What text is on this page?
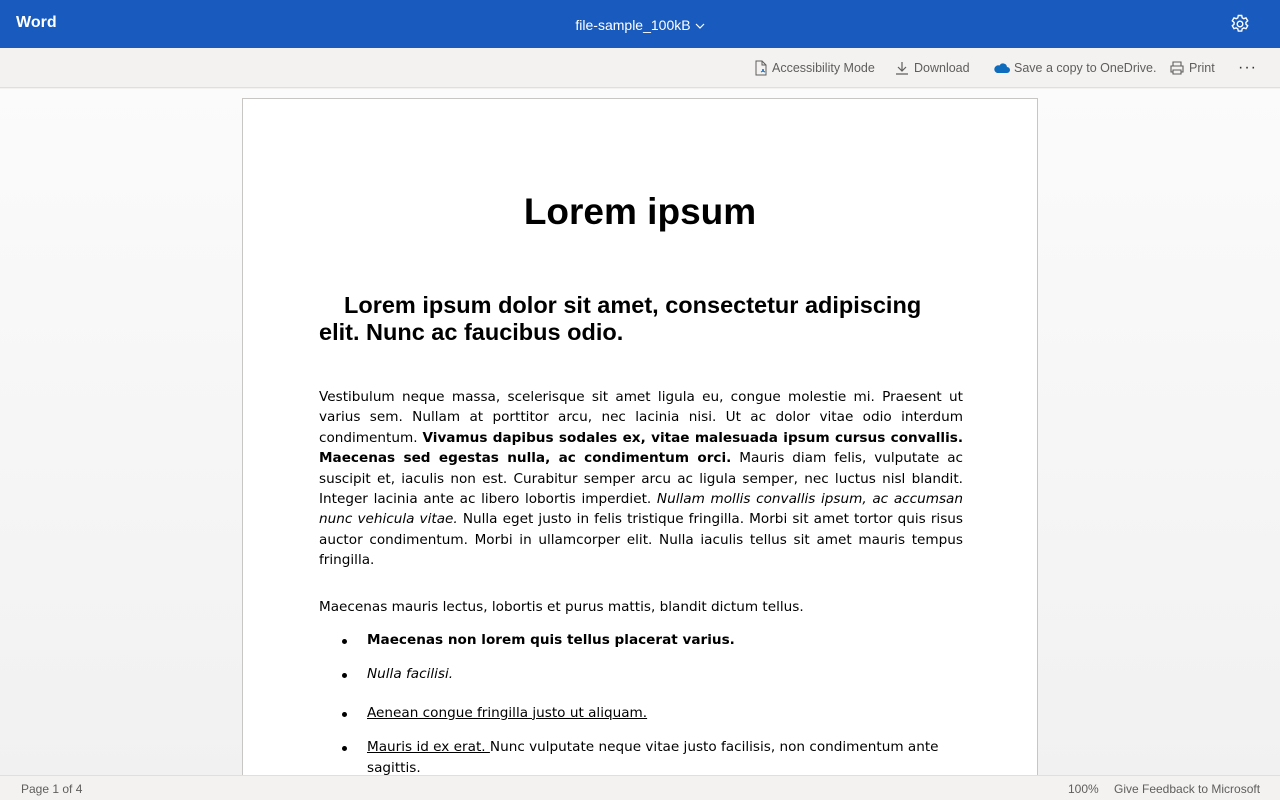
Word	file-sample_100kB
Accessibility Mode	Download	Save a copy to OneDrive.	Print ···
Lorem ipsum
Lorem ipsum dolor sit amet, consectetur adipiscing elit. Nunc ac faucibus odio.

Vestibulum neque massa, scelerisque sit amet ligula eu, congue molestie mi. Praesent ut varius sem. Nullam at porttitor arcu, nec lacinia nisi. Ut ac dolor vitae odio interdum condimentum. Vivamus dapibus sodales ex, vitae malesuada ipsum cursus convallis. Maecenas sed egestas nulla, ac condimentum orci. Mauris diam felis, vulputate ac suscipit et, iaculis non est. Curabitur semper arcu ac ligula semper, nec luctus nisl blandit. Integer lacinia ante ac libero lobortis imperdiet. Nullam mollis convallis ipsum, ac accumsan nunc vehicula vitae. Nulla eget justo in felis tristique fringilla. Morbi sit amet tortor quis risus auctor condimentum. Morbi in ullamcorper elit. Nulla iaculis tellus sit amet mauris tempus fringilla.

Maecenas mauris lectus, lobortis et purus mattis, blandit dictum tellus.

Maecenas non lorem quis tellus placerat varius.
Nulla facilisi.
Aenean congue fringilla justo ut aliquam.
Mauris id ex erat. Nunc vulputate neque vitae justo facilisis, non condimentum ante sagittis.
Page 1 of 4	100% Give Feedback to Microsoft
